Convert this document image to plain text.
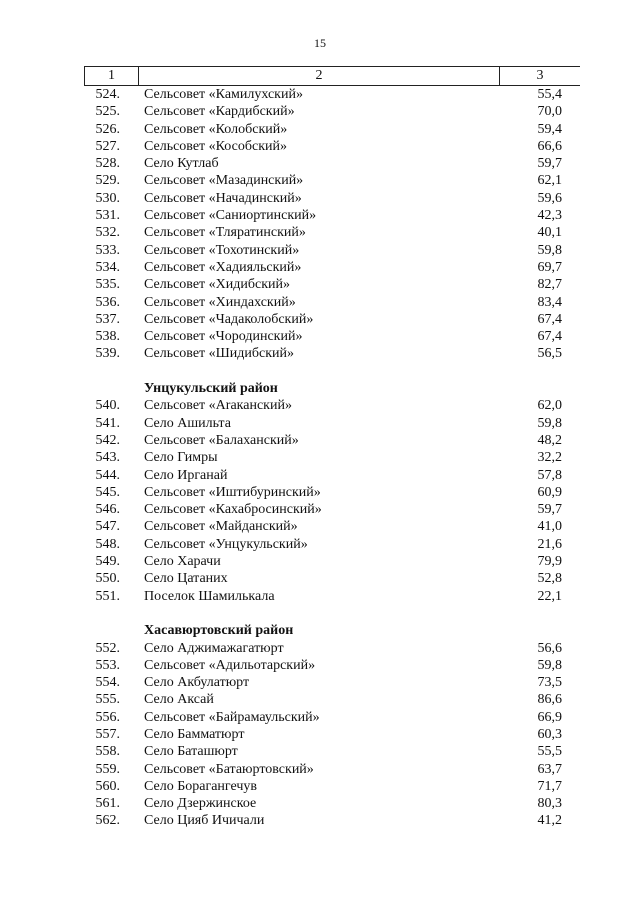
15
1	2	3
524.	Сельсовет «Камилухский»	55,4
525.	Сельсовет «Кардибский»	70,0
526.	Сельсовет «Колобский»	59,4
527.	Сельсовет «Кособский»	66,6
528.	Село Кутлаб	59,7
529.	Сельсовет «Мазадинский»	62,1
530.	Сельсовет «Начадинский»	59,6
531.	Сельсовет «Саниортинский»	42,3
532.	Сельсовет «Тляратинский»	40,1
533.	Сельсовет «Тохотинский»	59,8
534.	Сельсовет «Хадияльский»	69,7
535.	Сельсовет «Хидибский»	82,7
536.	Сельсовет «Хиндахский»	83,4
537.	Сельсовет «Чадаколобский»	67,4
538.	Сельсовет «Чородинский»	67,4
539.	Сельсовет «Шидибский»	56,5
Унцукульский район
540.	Сельсовет «Araканский»	62,0
541.	Село Ашильта	59,8
542.	Сельсовет «Балаханский»	48,2
543.	Село Гимры	32,2
544.	Село Ирганай	57,8
545.	Сельсовет «Иштибуринский»	60,9
546.	Сельсовет «Кахабросинский»	59,7
547.	Сельсовет «Майданский»	41,0
548.	Сельсовет «Унцукульский»	21,6
549.	Село Харачи	79,9
550.	Село Цатаних	52,8
551.	Поселок Шамилькала	22,1
Хасавюртовский район
552.	Село Аджимажагатюрт	56,6
553.	Сельсовет «Адильотарский»	59,8
554.	Село Акбулатюрт	73,5
555.	Село Аксай	86,6
556.	Сельсовет «Байрамаульский»	66,9
557.	Село Бамматюрт	60,3
558.	Село Баташюрт	55,5
559.	Сельсовет «Батаюртовский»	63,7
560.	Село Борагангечув	71,7
561.	Село Дзержинское	80,3
562.	Село Цияб Ичичали	41,2
